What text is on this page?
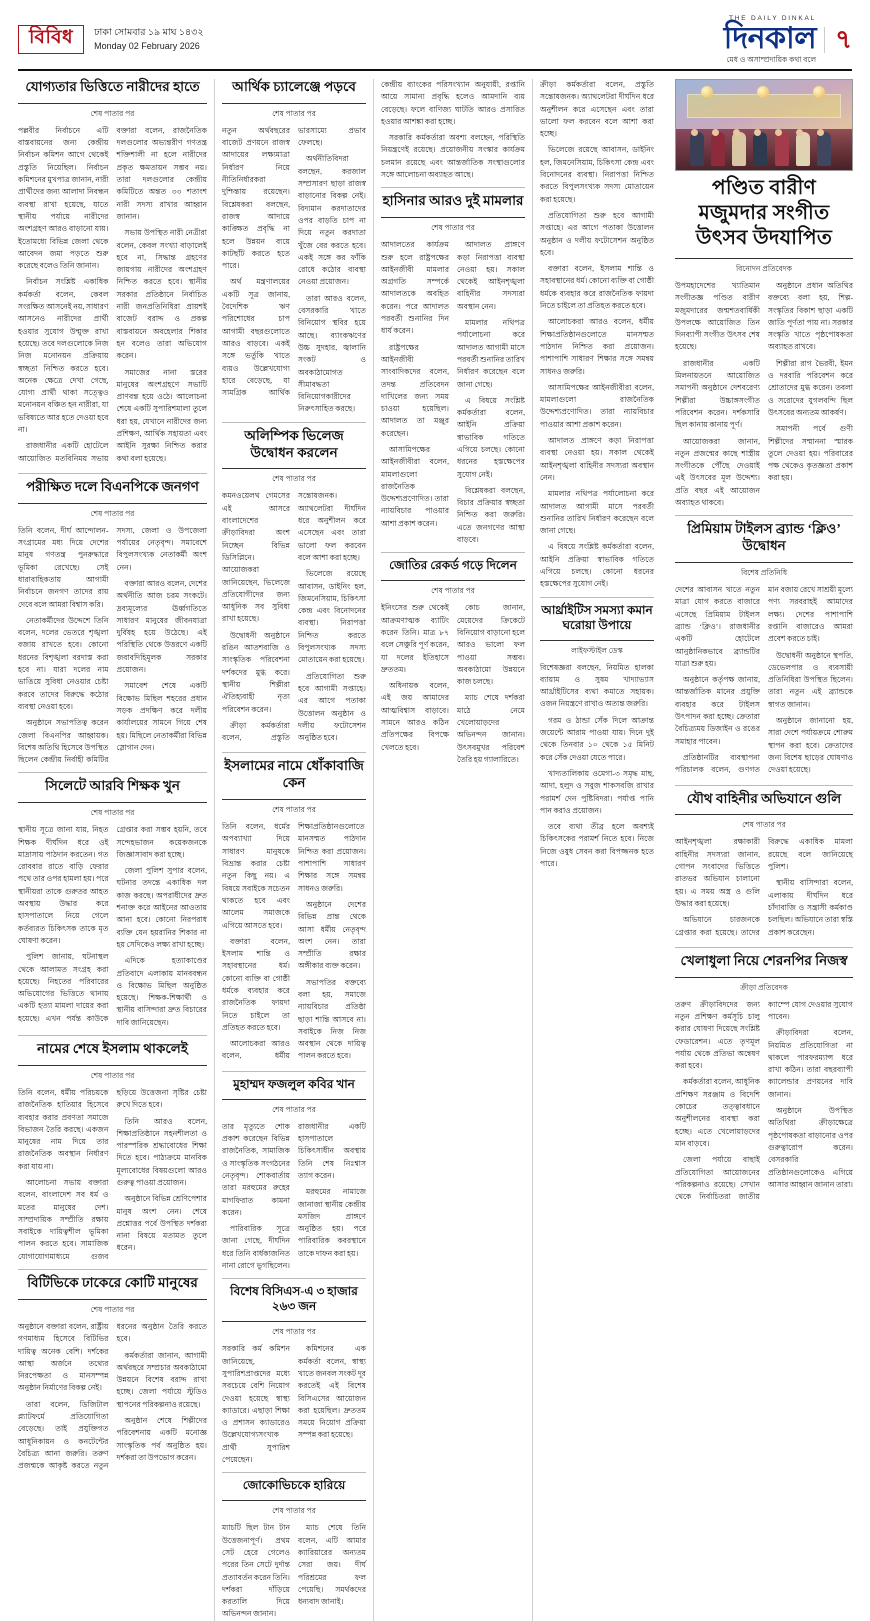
বিবিধ	ঢাকা সোমবার ১৯ মাঘ ১৪৩২
Monday 02 February 2026
THE DAILY DINKAL
দিনকাল
মেধ‌ ও অসাম্প্রদায়িক কথা বলে
৭
যোগ্যতার ভিত্তিতে নারীদের হাতে
শেষ পাতার পর

পল্লবীর নির্বাচনে এটি বাস্তবায়নের জন্য কেন্দ্রীয় নির্বাচন কমিশন আগে থেকেই প্রস্তুতি নিয়েছিল। নির্বাচন কমিশনের মুখপাত্র জানান, নারী প্রার্থীদের জন্য আলাদা নিবন্ধন ব্যবস্থা রাখা হয়েছে, যাতে স্থানীয় পর্যায়ে নারীদের অংশগ্রহণ আরও বাড়ানো যায়। ইতোমধ্যে বিভিন্ন জেলা থেকে আবেদন জমা পড়তে শুরু করেছে বলেও তিনি জানান।

নির্বাচন সংশ্লিষ্ট একাধিক কর্মকর্তা বলেন, কেবল সংরক্ষিত আসনেই নয়, সাধারণ আসনেও নারীদের প্রার্থী হওয়ার সুযোগ উন্মুক্ত রাখা হয়েছে। তবে দলগুলোকে নিজ নিজ মনোনয়ন প্রক্রিয়ায় স্বচ্ছতা নিশ্চিত করতে হবে। অনেক ক্ষেত্রে দেখা গেছে, যোগ্য প্রার্থী থাকা সত্ত্বেও মনোনয়ন বঞ্চিত হন নারীরা, যা ভবিষ্যতে আর হতে দেওয়া হবে না।

রাজধানীর একটি হোটেলে আয়োজিত মতবিনিময় সভায় বক্তারা বলেন, রাজনৈতিক দলগুলোর অভ্যন্তরীণ গণতন্ত্র শক্তিশালী না হলে নারীদের প্রকৃত ক্ষমতায়ন সম্ভব নয়। তারা দলগুলোর কেন্দ্রীয় কমিটিতে অন্তত ৩৩ শতাংশ নারী সদস্য রাখার আহ্বান জানান।

সভায় উপস্থিত নারী নেত্রীরা বলেন, কেবল সংখ্যা বাড়ালেই হবে না, সিদ্ধান্ত গ্রহণের জায়গায় নারীদের অংশগ্রহণ নিশ্চিত করতে হবে। স্থানীয় সরকার প্রতিষ্ঠানে নির্বাচিত নারী জনপ্রতিনিধিরা প্রায়শই বাজেট বরাদ্দ ও প্রকল্প বাস্তবায়নে অবহেলার শিকার হন বলেও তারা অভিযোগ করেন।

সমাজের নানা স্তরের মানুষের অংশগ্রহণে সভাটি প্রাণবন্ত হয়ে ওঠে। আলোচনা শেষে একটি সুপারিশমালা তুলে ধরা হয়, যেখানে নারীদের জন্য প্রশিক্ষণ, আর্থিক সহায়তা এবং আইনি সুরক্ষা নিশ্চিত করার কথা বলা হয়েছে।

পরীক্ষিত দলে বিএনপিকে জনগণ
শেষ পাতার পর

তিনি বলেন, দীর্ঘ আন্দোলন-সংগ্রামের মধ্য দিয়ে দেশের মানুষ গণতন্ত্র পুনরুদ্ধারে ভূমিকা রেখেছে। সেই ধারাবাহিকতায় আগামী নির্বাচনে জনগণ তাদের রায় দেবে বলে আমরা বিশ্বাস করি।

নেতাকর্মীদের উদ্দেশে তিনি বলেন, দলের ভেতরে শৃঙ্খলা বজায় রাখতে হবে। কোনো ধরনের বিশৃঙ্খলা বরদাস্ত করা হবে না। যারা দলের নাম ভাঙিয়ে সুবিধা নেওয়ার চেষ্টা করবে তাদের বিরুদ্ধে কঠোর ব্যবস্থা নেওয়া হবে।

অনুষ্ঠানে সভাপতিত্ব করেন জেলা বিএনপির আহ্বায়ক। বিশেষ অতিথি হিসেবে উপস্থিত ছিলেন কেন্দ্রীয় নির্বাহী কমিটির সদস্য, জেলা ও উপজেলা পর্যায়ের নেতৃবৃন্দ। সমাবেশে বিপুলসংখ্যক নেতাকর্মী অংশ নেন।

বক্তারা আরও বলেন, দেশের অর্থনীতি আজ চরম সংকটে। দ্রব্যমূল্যের ঊর্ধ্বগতিতে সাধারণ মানুষের জীবনযাত্রা দুর্বিষহ হয়ে উঠেছে। এই পরিস্থিতি থেকে উত্তরণে একটি জবাবদিহিমূলক সরকার প্রয়োজন।

সমাবেশ শেষে একটি বিক্ষোভ মিছিল শহরের প্রধান সড়ক প্রদক্ষিণ করে দলীয় কার্যালয়ের সামনে গিয়ে শেষ হয়। মিছিলে নেতাকর্মীরা বিভিন্ন স্লোগান দেন।

সিলেটে আরবি শিক্ষক খুন
শেষ পাতার পর

স্থানীয় সূত্রে জানা যায়, নিহত শিক্ষক দীর্ঘদিন ধরে ওই মাদ্রাসায় পাঠদান করতেন। গত রোববার রাতে বাড়ি ফেরার পথে তার ওপর হামলা হয়। পরে স্থানীয়রা তাকে গুরুতর আহত অবস্থায় উদ্ধার করে হাসপাতালে নিয়ে গেলে কর্তব্যরত চিকিৎসক তাকে মৃত ঘোষণা করেন।

পুলিশ জানায়, ঘটনাস্থল থেকে আলামত সংগ্রহ করা হয়েছে। নিহতের পরিবারের অভিযোগের ভিত্তিতে থানায় একটি হত্যা মামলা দায়ের করা হয়েছে। এখন পর্যন্ত কাউকে গ্রেপ্তার করা সম্ভব হয়নি, তবে সন্দেহভাজন কয়েকজনকে জিজ্ঞাসাবাদ করা হচ্ছে।

জেলা পুলিশ সুপার বলেন, ঘটনার তদন্তে একাধিক দল কাজ করছে। অপরাধীদের দ্রুত শনাক্ত করে আইনের আওতায় আনা হবে। কোনো নিরপরাধ ব্যক্তি যেন হয়রানির শিকার না হয় সেদিকেও লক্ষ্য রাখা হচ্ছে।

এদিকে হত্যাকাণ্ডের প্রতিবাদে এলাকায় মানববন্ধন ও বিক্ষোভ মিছিল অনুষ্ঠিত হয়েছে। শিক্ষক-শিক্ষার্থী ও স্থানীয় বাসিন্দারা দ্রুত বিচারের দাবি জানিয়েছেন।

নামের শেষে ইসলাম থাকলেই
শেষ পাতার পর

তিনি বলেন, ধর্মীয় পরিচয়কে রাজনৈতিক হাতিয়ার হিসেবে ব্যবহার করার প্রবণতা সমাজে বিভাজন তৈরি করছে। একজন মানুষের নাম দিয়ে তার রাজনৈতিক অবস্থান নির্ধারণ করা যায় না।

আলোচনা সভায় বক্তারা বলেন, বাংলাদেশ সব ধর্ম ও মতের মানুষের দেশ। সাম্প্রদায়িক সম্প্রীতি রক্ষায় সবাইকে দায়িত্বশীল ভূমিকা পালন করতে হবে। সামাজিক যোগাযোগমাধ্যমে গুজব ছড়িয়ে উত্তেজনা সৃষ্টির চেষ্টা রুখে দিতে হবে।

তিনি আরও বলেন, শিক্ষাপ্রতিষ্ঠানে সহনশীলতা ও পারস্পরিক শ্রদ্ধাবোধের শিক্ষা দিতে হবে। পাঠ্যক্রমে মানবিক মূল্যবোধের বিষয়গুলো আরও গুরুত্ব পাওয়া প্রয়োজন।

অনুষ্ঠানে বিভিন্ন শ্রেণিপেশার মানুষ অংশ নেন। শেষে প্রশ্নোত্তর পর্বে উপস্থিত দর্শকরা নানা বিষয়ে মতামত তুলে ধরেন।

বিটিভিকে ঢাকেরে কোটি মানুষের
শেষ পাতার পর

অনুষ্ঠানে বক্তারা বলেন, রাষ্ট্রীয় গণমাধ্যম হিসেবে বিটিভির দায়িত্ব অনেক বেশি। দর্শকের আস্থা অর্জনে তথ্যের নিরপেক্ষতা ও মানসম্পন্ন অনুষ্ঠান নির্মাণের বিকল্প নেই।

তারা বলেন, ডিজিটাল প্ল্যাটফর্মে প্রতিযোগিতা বেড়েছে। তাই প্রযুক্তিগত আধুনিকায়ন ও কনটেন্টের বৈচিত্র্য আনা জরুরি। তরুণ প্রজন্মকে আকৃষ্ট করতে নতুন ধরনের অনুষ্ঠান তৈরি করতে হবে।

কর্মকর্তারা জানান, আগামী অর্থবছরে সম্প্রচার অবকাঠামো উন্নয়নে বিশেষ বরাদ্দ রাখা হচ্ছে। জেলা পর্যায়ে স্টুডিও স্থাপনের পরিকল্পনাও রয়েছে।

অনুষ্ঠান শেষে শিল্পীদের পরিবেশনায় একটি মনোজ্ঞ সাংস্কৃতিক পর্ব অনুষ্ঠিত হয়। দর্শকরা তা উপভোগ করেন।

আর্থিক চ্যালেঞ্জে পড়বে
শেষ পাতার পর

নতুন অর্থবছরের বাজেট প্রণয়নে রাজস্ব আদায়ের লক্ষ্যমাত্রা নির্ধারণ নিয়ে নীতিনির্ধারকরা দুশ্চিন্তায় রয়েছেন। বিশ্লেষকরা বলছেন, রাজস্ব আদায়ে কাঙ্ক্ষিত প্রবৃদ্ধি না হলে উন্নয়ন ব্যয়ে কাটছাঁট করতে হতে পারে।

অর্থ মন্ত্রণালয়ের একটি সূত্র জানায়, বৈদেশিক ঋণ পরিশোধের চাপ আগামী বছরগুলোতে আরও বাড়বে। একই সঙ্গে ভর্তুকি খাতে ব্যয়ও উল্লেখযোগ্য হারে বেড়েছে, যা সামগ্রিক আর্থিক ভারসাম্যে প্রভাব ফেলছে।

অর্থনীতিবিদরা বলছেন, করজাল সম্প্রসারণ ছাড়া রাজস্ব বাড়ানোর বিকল্প নেই। বিদ্যমান করদাতাদের ওপর বাড়তি চাপ না দিয়ে নতুন করদাতা খুঁজে বের করতে হবে। একই সঙ্গে কর ফাঁকি রোধে কঠোর ব্যবস্থা নেওয়া প্রয়োজন।

তারা আরও বলেন, বেসরকারি খাতে বিনিয়োগ স্থবির হয়ে আছে। ব্যাংকঋণের উচ্চ সুদহার, জ্বালানি সংকট ও অবকাঠামোগত সীমাবদ্ধতা বিনিয়োগকারীদের নিরুৎসাহিত করছে।

অলিম্পিক ভিলেজ উদ্বোধন করলেন
শেষ পাতার পর

কমনওয়েলথ গেমসের এই আসরে বাংলাদেশের ক্রীড়াবিদরা অংশ নিচ্ছেন বিভিন্ন ডিসিপ্লিনে। আয়োজকরা জানিয়েছেন, ভিলেজে প্রতিযোগীদের জন্য আধুনিক সব সুবিধা রাখা হয়েছে।

উদ্বোধনী অনুষ্ঠানে রঙিন আতশবাজি ও সাংস্কৃতিক পরিবেশনা দর্শকদের মুগ্ধ করে। স্থানীয় শিল্পীরা ঐতিহ্যবাহী নৃত্য পরিবেশন করেন।

ক্রীড়া কর্মকর্তারা বলেন, প্রস্তুতি সন্তোষজনক। অ্যাথলেটরা দীর্ঘদিন ধরে অনুশীলন করে এসেছেন এবং তারা ভালো ফল করবেন বলে আশা করা হচ্ছে।

ভিলেজে রয়েছে আবাসন, ডাইনিং হল, জিমনেসিয়াম, চিকিৎসা কেন্দ্র এবং বিনোদনের ব্যবস্থা। নিরাপত্তা নিশ্চিত করতে বিপুলসংখ্যক সদস্য মোতায়েন করা হয়েছে।

প্রতিযোগিতা শুরু হবে আগামী সপ্তাহে। এর আগে পতাকা উত্তোলন অনুষ্ঠান ও দলীয় ফটোসেশন অনুষ্ঠিত হবে।

ইসলামের নামে ধোঁকাবাজি কেন
শেষ পাতার পর

তিনি বলেন, ধর্মের অপব্যাখ্যা দিয়ে সাধারণ মানুষকে বিভ্রান্ত করার চেষ্টা নতুন কিছু নয়। এ বিষয়ে সবাইকে সচেতন থাকতে হবে এবং আলেম সমাজকে এগিয়ে আসতে হবে।

বক্তারা বলেন, ইসলাম শান্তি ও সহাবস্থানের ধর্ম। কোনো ব্যক্তি বা গোষ্ঠী ধর্মকে ব্যবহার করে রাজনৈতিক ফায়দা নিতে চাইলে তা প্রতিহত করতে হবে।

আলোচকরা আরও বলেন, ধর্মীয় শিক্ষাপ্রতিষ্ঠানগুলোতে মানসম্মত পাঠদান নিশ্চিত করা প্রয়োজন। পাশাপাশি সাধারণ শিক্ষার সঙ্গে সমন্বয় সাধনও জরুরি।

অনুষ্ঠানে দেশের বিভিন্ন প্রান্ত থেকে আসা ধর্মীয় নেতৃবৃন্দ অংশ নেন। তারা সম্প্রীতি রক্ষার অঙ্গীকার ব্যক্ত করেন।

সভাপতির বক্তব্যে বলা হয়, সমাজে ন্যায়বিচার প্রতিষ্ঠা ছাড়া শান্তি আসবে না। সবাইকে নিজ নিজ অবস্থান থেকে দায়িত্ব পালন করতে হবে।

মুহাম্মদ ফজলুল কবির খান
শেষ পাতার পর

তার মৃত্যুতে শোক প্রকাশ করেছেন বিভিন্ন রাজনৈতিক, সামাজিক ও সাংস্কৃতিক সংগঠনের নেতৃবৃন্দ। শোকবার্তায় তারা মরহুমের রুহের মাগফিরাত কামনা করেন।

পারিবারিক সূত্রে জানা গেছে, দীর্ঘদিন ধরে তিনি বার্ধক্যজনিত নানা রোগে ভুগছিলেন। রাজধানীর একটি হাসপাতালে চিকিৎসাধীন অবস্থায় তিনি শেষ নিঃশ্বাস ত্যাগ করেন।

মরহুমের নামাজে জানাজা স্থানীয় কেন্দ্রীয় মসজিদ প্রাঙ্গণে অনুষ্ঠিত হয়। পরে পারিবারিক কবরস্থানে তাকে দাফন করা হয়।

বিশেষ বিসিএস-এ ৩ হাজার ২৬৩ জন
শেষ পাতার পর

সরকারি কর্ম কমিশন জানিয়েছে, সুপারিশপ্রাপ্তদের মধ্যে সবচেয়ে বেশি নিয়োগ দেওয়া হয়েছে স্বাস্থ্য ক্যাডারে। এছাড়া শিক্ষা ও প্রশাসন ক্যাডারেও উল্লেখযোগ্যসংখ্যক প্রার্থী সুপারিশ পেয়েছেন।

কমিশনের এক কর্মকর্তা বলেন, স্বাস্থ্য খাতে জনবল সংকট দূর করতেই এই বিশেষ বিসিএসের আয়োজন করা হয়েছিল। দ্রুততম সময়ে নিয়োগ প্রক্রিয়া সম্পন্ন করা হয়েছে।

জোকোভিচকে হারিয়ে
শেষ পাতার পর

ম্যাচটি ছিল টান টান উত্তেজনাপূর্ণ। প্রথম সেট হেরে গেলেও পরের তিন সেটে দুর্দান্ত প্রত্যাবর্তন করেন তিনি। দর্শকরা দাঁড়িয়ে করতালি দিয়ে অভিনন্দন জানান।

ম্যাচ শেষে তিনি বলেন, এটি আমার ক্যারিয়ারের অন্যতম সেরা জয়। দীর্ঘ পরিশ্রমের ফল পেয়েছি। সমর্থকদের ধন্যবাদ জানাই।

কেন্দ্রীয় ব্যাংকের পরিসংখ্যান অনুযায়ী, রপ্তানি আয়ে সামান্য প্রবৃদ্ধি হলেও আমদানি ব্যয় বেড়েছে। ফলে বাণিজ্য ঘাটতি আরও প্রসারিত হওয়ার আশঙ্কা করা হচ্ছে।

সরকারি কর্মকর্তারা অবশ্য বলছেন, পরিস্থিতি নিয়ন্ত্রণেই রয়েছে। প্রয়োজনীয় সংস্কার কার্যক্রম চলমান রয়েছে এবং আন্তর্জাতিক সংস্থাগুলোর সঙ্গে আলোচনা অব্যাহত আছে।

হাসিনার আরও দুই মামলার
শেষ পাতার পর

আদালতের কার্যক্রম শুরু হলে রাষ্ট্রপক্ষের আইনজীবী মামলার অগ্রগতি সম্পর্কে আদালতকে অবহিত করেন। পরে আদালত পরবর্তী শুনানির দিন ধার্য করেন।

রাষ্ট্রপক্ষের আইনজীবী সাংবাদিকদের বলেন, তদন্ত প্রতিবেদন দাখিলের জন্য সময় চাওয়া হয়েছিল। আদালত তা মঞ্জুর করেছেন।

আসামিপক্ষের আইনজীবীরা বলেন, মামলাগুলো রাজনৈতিক উদ্দেশ্যপ্রণোদিত। তারা ন্যায়বিচার পাওয়ার আশা প্রকাশ করেন।

আদালত প্রাঙ্গণে কড়া নিরাপত্তা ব্যবস্থা নেওয়া হয়। সকাল থেকেই আইনশৃঙ্খলা বাহিনীর সদস্যরা অবস্থান নেন।

মামলার নথিপত্র পর্যালোচনা করে আদালত আগামী মাসে পরবর্তী শুনানির তারিখ নির্ধারণ করেছেন বলে জানা গেছে।

এ বিষয়ে সংশ্লিষ্ট কর্মকর্তারা বলেন, আইনি প্রক্রিয়া স্বাভাবিক গতিতে এগিয়ে চলছে। কোনো ধরনের হস্তক্ষেপের সুযোগ নেই।

বিশ্লেষকরা বলছেন, বিচার প্রক্রিয়ার স্বচ্ছতা নিশ্চিত করা জরুরি। এতে জনগণের আস্থা বাড়বে।

জোতির রেকর্ড গড়ে দিলেন
শেষ পাতার পর

ইনিংসের শুরু থেকেই আক্রমণাত্মক ব্যাটিং করেন তিনি। মাত্র ৮৭ বলে সেঞ্চুরি পূর্ণ করেন, যা দলের ইতিহাসে দ্রুততম।

অধিনায়ক বলেন, এই জয় আমাদের আত্মবিশ্বাস বাড়াবে। সামনে আরও কঠিন প্রতিপক্ষের বিপক্ষে খেলতে হবে।

কোচ জানান, মেয়েদের ক্রিকেটে বিনিয়োগ বাড়ানো হলে আরও ভালো ফল পাওয়া সম্ভব। অবকাঠামো উন্নয়নে কাজ চলছে।

ম্যাচ শেষে দর্শকরা মাঠে নেমে খেলোয়াড়দের অভিনন্দন জানান। উৎসবমুখর পরিবেশ তৈরি হয় গ্যালারিতে।

ক্রীড়া কর্মকর্তারা বলেন, প্রস্তুতি সন্তোষজনক। অ্যাথলেটরা দীর্ঘদিন ধরে অনুশীলন করে এসেছেন এবং তারা ভালো ফল করবেন বলে আশা করা হচ্ছে।

ভিলেজে রয়েছে আবাসন, ডাইনিং হল, জিমনেসিয়াম, চিকিৎসা কেন্দ্র এবং বিনোদনের ব্যবস্থা। নিরাপত্তা নিশ্চিত করতে বিপুলসংখ্যক সদস্য মোতায়েন করা হয়েছে।

প্রতিযোগিতা শুরু হবে আগামী সপ্তাহে। এর আগে পতাকা উত্তোলন অনুষ্ঠান ও দলীয় ফটোসেশন অনুষ্ঠিত হবে।

বক্তারা বলেন, ইসলাম শান্তি ও সহাবস্থানের ধর্ম। কোনো ব্যক্তি বা গোষ্ঠী ধর্মকে ব্যবহার করে রাজনৈতিক ফায়দা নিতে চাইলে তা প্রতিহত করতে হবে।

আলোচকরা আরও বলেন, ধর্মীয় শিক্ষাপ্রতিষ্ঠানগুলোতে মানসম্মত পাঠদান নিশ্চিত করা প্রয়োজন। পাশাপাশি সাধারণ শিক্ষার সঙ্গে সমন্বয় সাধনও জরুরি।

আসামিপক্ষের আইনজীবীরা বলেন, মামলাগুলো রাজনৈতিক উদ্দেশ্যপ্রণোদিত। তারা ন্যায়বিচার পাওয়ার আশা প্রকাশ করেন।

আদালত প্রাঙ্গণে কড়া নিরাপত্তা ব্যবস্থা নেওয়া হয়। সকাল থেকেই আইনশৃঙ্খলা বাহিনীর সদস্যরা অবস্থান নেন।

মামলার নথিপত্র পর্যালোচনা করে আদালত আগামী মাসে পরবর্তী শুনানির তারিখ নির্ধারণ করেছেন বলে জানা গেছে।

এ বিষয়ে সংশ্লিষ্ট কর্মকর্তারা বলেন, আইনি প্রক্রিয়া স্বাভাবিক গতিতে এগিয়ে চলছে। কোনো ধরনের হস্তক্ষেপের সুযোগ নেই।

আর্থ্রাইটিস সমস্যা কমান ঘরোয়া উপায়ে
লাইফস্টাইল ডেস্ক

বিশেষজ্ঞরা বলছেন, নিয়মিত হালকা ব্যায়াম ও সুষম খাদ্যাভ্যাস আর্থ্রাইটিসের ব্যথা কমাতে সহায়ক। ওজন নিয়ন্ত্রণে রাখাও অত্যন্ত জরুরি।

গরম ও ঠান্ডা সেঁক দিলে আক্রান্ত জয়েন্টে আরাম পাওয়া যায়। দিনে দুই থেকে তিনবার ১০ থেকে ১৫ মিনিট করে সেঁক দেওয়া যেতে পারে।

খাদ্যতালিকায় ওমেগা-৩ সমৃদ্ধ মাছ, আদা, হলুদ ও সবুজ শাকসবজি রাখার পরামর্শ দেন পুষ্টিবিদরা। পর্যাপ্ত পানি পান করাও প্রয়োজন।

তবে ব্যথা তীব্র হলে অবশ্যই চিকিৎসকের পরামর্শ নিতে হবে। নিজে নিজে ওষুধ সেবন করা বিপজ্জনক হতে পারে।

পণ্ডিত বারীণ মজুমদার সংগীত উৎসব উদযাপিত
বিনোদন প্রতিবেদক

উপমহাদেশের খ্যাতিমান সংগীতজ্ঞ পণ্ডিত বারীণ মজুমদারের জন্মশতবার্ষিকী উপলক্ষে আয়োজিত তিন দিনব্যাপী সংগীত উৎসব শেষ হয়েছে।

রাজধানীর একটি মিলনায়তনে আয়োজিত সমাপনী অনুষ্ঠানে দেশবরেণ্য শিল্পীরা উচ্চাঙ্গসংগীত পরিবেশন করেন। দর্শকসারি ছিল কানায় কানায় পূর্ণ।

আয়োজকরা জানান, নতুন প্রজন্মের কাছে শাস্ত্রীয় সংগীতকে পৌঁছে দেওয়াই এই উৎসবের মূল উদ্দেশ্য। প্রতি বছর এই আয়োজন অব্যাহত থাকবে।

অনুষ্ঠানে প্রধান অতিথির বক্তব্যে বলা হয়, শিল্প-সংস্কৃতির বিকাশ ছাড়া একটি জাতি পূর্ণতা পায় না। সরকার সংস্কৃতি খাতে পৃষ্ঠপোষকতা অব্যাহত রাখবে।

শিল্পীরা রাগ ভৈরবী, ইমন ও দরবারি পরিবেশন করে শ্রোতাদের মুগ্ধ করেন। তবলা ও সরোদের যুগলবন্দি ছিল উৎসবের অন্যতম আকর্ষণ।

সমাপনী পর্বে গুণী শিল্পীদের সম্মাননা স্মারক তুলে দেওয়া হয়। পরিবারের পক্ষ থেকেও কৃতজ্ঞতা প্রকাশ করা হয়।

প্রিমিয়াম টাইলস ব্র্যান্ড ‘ক্লিও’ উদ্বোধন
বিশেষ প্রতিনিধি

দেশের আবাসন খাতে নতুন মাত্রা যোগ করতে বাজারে এসেছে প্রিমিয়াম টাইলস ব্র্যান্ড ‘ক্লিও’। রাজধানীর একটি হোটেলে আনুষ্ঠানিকভাবে ব্র্যান্ডটির যাত্রা শুরু হয়।

অনুষ্ঠানে কর্তৃপক্ষ জানায়, আন্তর্জাতিক মানের প্রযুক্তি ব্যবহার করে টাইলস উৎপাদন করা হচ্ছে। ক্রেতারা বৈচিত্র্যময় ডিজাইন ও রঙের সমাহার পাবেন।

প্রতিষ্ঠানটির ব্যবস্থাপনা পরিচালক বলেন, গুণগত মান বজায় রেখে সাশ্রয়ী মূল্যে পণ্য সরবরাহই আমাদের লক্ষ্য। দেশের পাশাপাশি রপ্তানি বাজারেও আমরা প্রবেশ করতে চাই।

উদ্বোধনী অনুষ্ঠানে স্থপতি, ডেভেলপার ও ব্যবসায়ী প্রতিনিধিরা উপস্থিত ছিলেন। তারা নতুন এই ব্র্যান্ডকে স্বাগত জানান।

অনুষ্ঠানে জানানো হয়, সারা দেশে পর্যায়ক্রমে শোরুম স্থাপন করা হবে। ক্রেতাদের জন্য বিশেষ ছাড়ের ঘোষণাও দেওয়া হয়েছে।

যৌথ বাহিনীর অভিযানে গুলি
শেষ পাতার পর

আইনশৃঙ্খলা রক্ষাকারী বাহিনীর সদস্যরা জানান, গোপন সংবাদের ভিত্তিতে রাতভর অভিযান চালানো হয়। এ সময় অস্ত্র ও গুলি উদ্ধার করা হয়েছে।

অভিযানে চারজনকে গ্রেপ্তার করা হয়েছে। তাদের বিরুদ্ধে একাধিক মামলা রয়েছে বলে জানিয়েছে পুলিশ।

স্থানীয় বাসিন্দারা বলেন, এলাকায় দীর্ঘদিন ধরে চাঁদাবাজি ও সন্ত্রাসী কর্মকাণ্ড চলছিল। অভিযানে তারা স্বস্তি প্রকাশ করেছেন।

খেলাধুলা নিয়ে শেরনপির নিজস্ব
ক্রীড়া প্রতিবেদক

তরুণ ক্রীড়াবিদদের জন্য নতুন প্রশিক্ষণ কর্মসূচি চালু করার ঘোষণা দিয়েছে সংশ্লিষ্ট ফেডারেশন। এতে তৃণমূল পর্যায় থেকে প্রতিভা অন্বেষণ করা হবে।

কর্মকর্তারা বলেন, আধুনিক প্রশিক্ষণ সরঞ্জাম ও বিদেশি কোচের তত্ত্বাবধানে অনুশীলনের ব্যবস্থা করা হচ্ছে। এতে খেলোয়াড়দের মান বাড়বে।

জেলা পর্যায়ে বাছাই প্রতিযোগিতা আয়োজনের পরিকল্পনাও রয়েছে। সেখান থেকে নির্বাচিতরা জাতীয় ক্যাম্পে যোগ দেওয়ার সুযোগ পাবেন।

ক্রীড়াবিদরা বলেন, নিয়মিত প্রতিযোগিতা না থাকলে পারফরম্যান্স ধরে রাখা কঠিন। তারা বছরব্যাপী ক্যালেন্ডার প্রণয়নের দাবি জানান।

অনুষ্ঠানে উপস্থিত অতিথিরা ক্রীড়াক্ষেত্রে পৃষ্ঠপোষকতা বাড়ানোর ওপর গুরুত্বারোপ করেন। বেসরকারি প্রতিষ্ঠানগুলোকেও এগিয়ে আসার আহ্বান জানান তারা।
